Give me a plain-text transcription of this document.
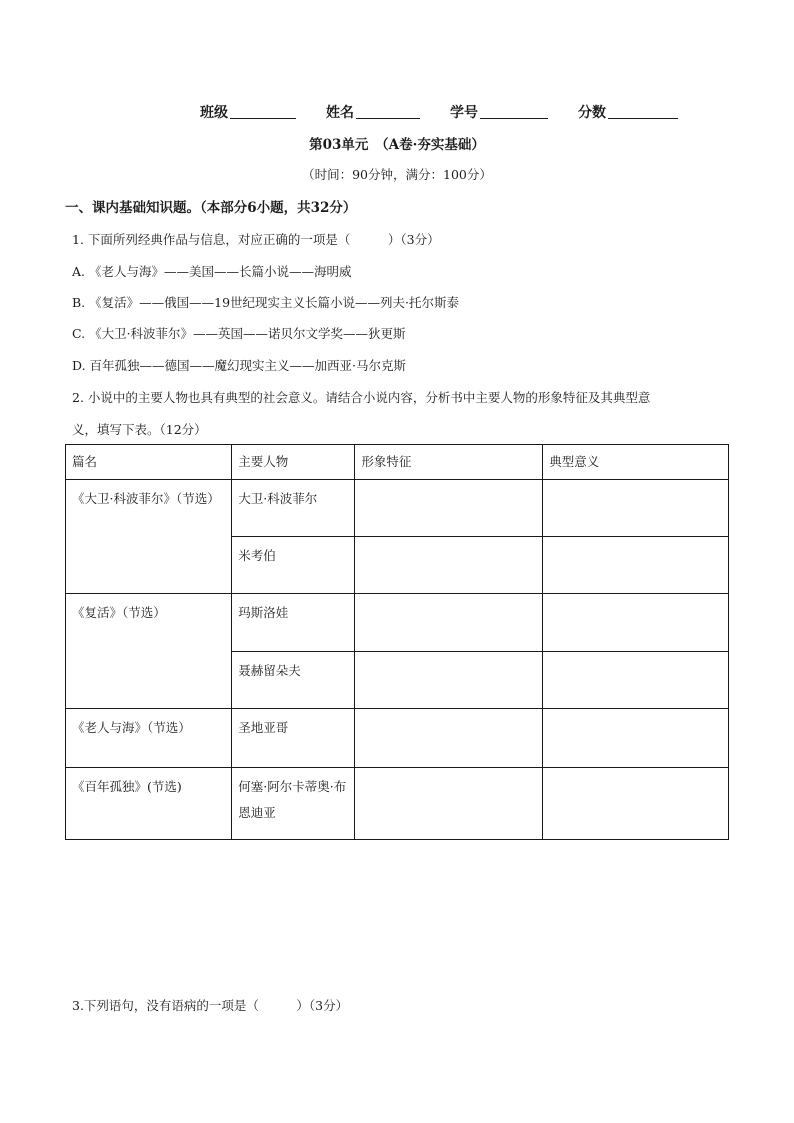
班级	姓名	学号	分数
第03单元　（A卷·夯实基础）
（时间：90分钟，满分：100分）
一、课内基础知识题。（本部分6小题，共32分）
1. 下面所列经典作品与信息，对应正确的一项是（　　　）（3分）
A. 《老人与海》——美国——长篇小说——海明威
B. 《复活》——俄国——19世纪现实主义长篇小说——列夫·托尔斯泰
C. 《大卫·科波菲尔》——英国——诺贝尔文学奖——狄更斯
D. 百年孤独——德国——魔幻现实主义——加西亚·马尔克斯
2. 小说中的主要人物也具有典型的社会意义。请结合小说内容，分析书中主要人物的形象特征及其典型意
义，填写下表。（12分）
篇名	主要人物	形象特征	典型意义
《大卫·科波菲尔》（节选）	大卫·科波菲尔		
	米考伯		
《复活》（节选）	玛斯洛娃		
	聂赫留朵夫		
《老人与海》（节选）	圣地亚哥		
《百年孤独》(节选)	何塞·阿尔卡蒂奥·布恩迪亚		
3.下列语句，没有语病的一项是（　　　）（3分）
